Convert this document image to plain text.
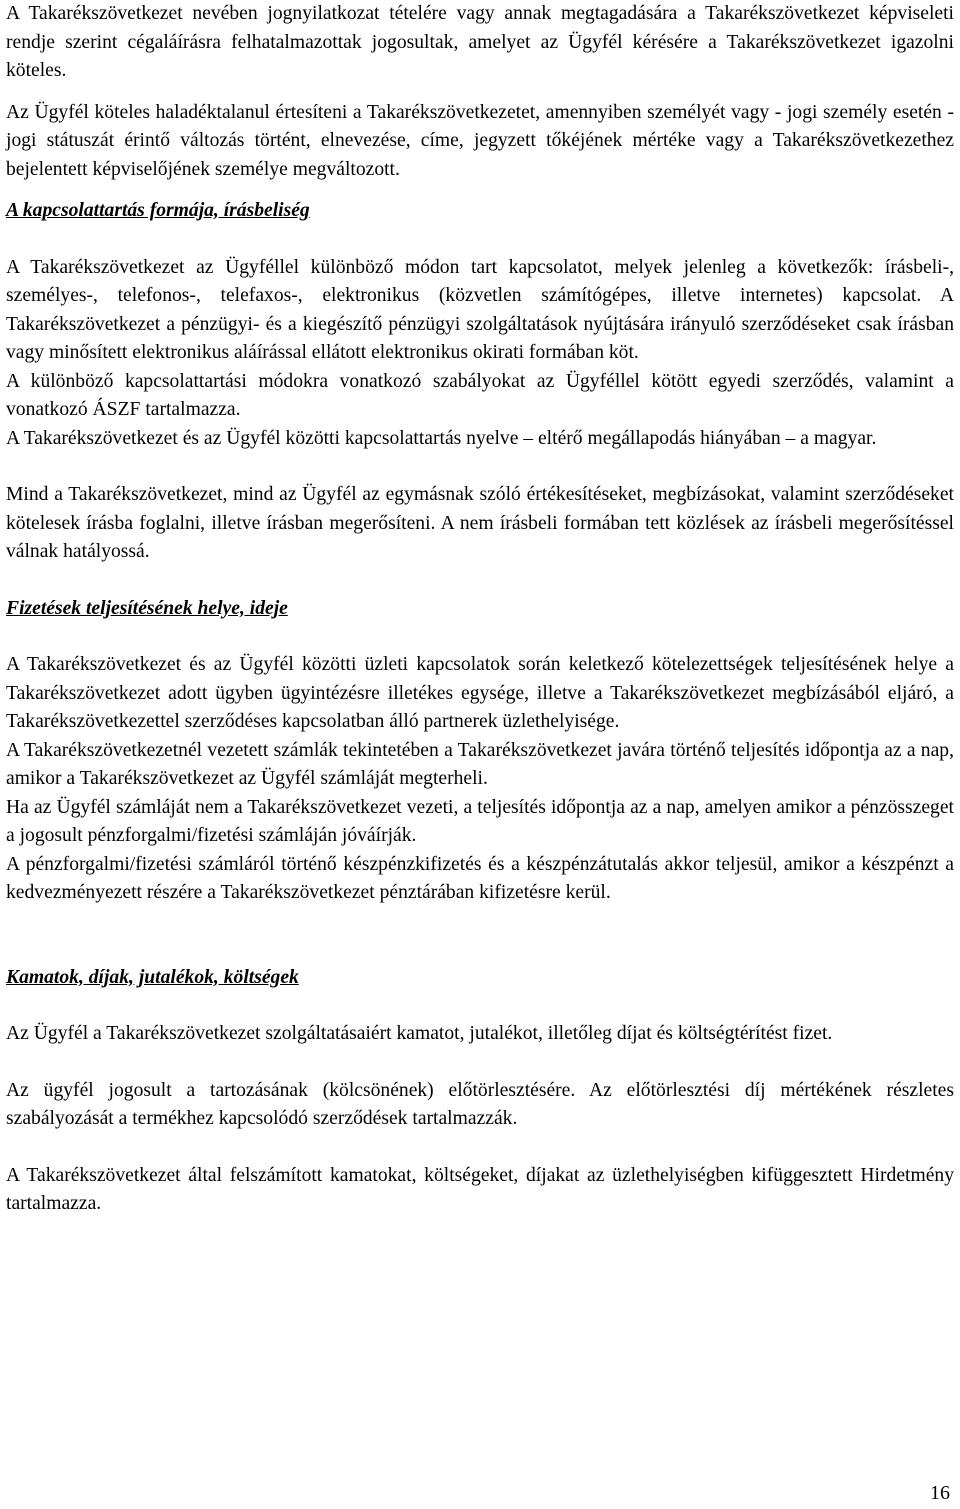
A Takarékszövetkezet nevében jognyilatkozat tételére vagy annak megtagadására a Takarékszövetkezet képviseleti rendje szerint cégaláírásra felhatalmazottak jogosultak, amelyet az Ügyfél kérésére a Takarékszövetkezet igazolni köteles.

Az Ügyfél köteles haladéktalanul értesíteni a Takarékszövetkezetet, amennyiben személyét vagy - jogi személy esetén - jogi státuszát érintő változás történt, elnevezése, címe, jegyzett tőkéjének mértéke vagy a Takarékszövetkezethez bejelentett képviselőjének személye megváltozott.

A kapcsolattartás formája, írásbeliség

A Takarékszövetkezet az Ügyféllel különböző módon tart kapcsolatot, melyek jelenleg a következők: írásbeli-, személyes-, telefonos-, telefaxos-, elektronikus (közvetlen számítógépes, illetve internetes) kapcsolat. A Takarékszövetkezet a pénzügyi- és a kiegészítő pénzügyi szolgáltatások nyújtására irányuló szerződéseket csak írásban vagy minősített elektronikus aláírással ellátott elektronikus okirati formában köt.

A különböző kapcsolattartási módokra vonatkozó szabályokat az Ügyféllel kötött egyedi szerződés, valamint a vonatkozó ÁSZF tartalmazza.

A Takarékszövetkezet és az Ügyfél közötti kapcsolattartás nyelve – eltérő megállapodás hiányában – a magyar.

Mind a Takarékszövetkezet, mind az Ügyfél az egymásnak szóló értékesítéseket, megbízásokat, valamint szerződéseket kötelesek írásba foglalni, illetve írásban megerősíteni. A nem írásbeli formában tett közlések az írásbeli megerősítéssel válnak hatályossá.

Fizetések teljesítésének helye, ideje

A Takarékszövetkezet és az Ügyfél közötti üzleti kapcsolatok során keletkező kötelezettségek teljesítésének helye a Takarékszövetkezet adott ügyben ügyintézésre illetékes egysége, illetve a Takarékszövetkezet megbízásából eljáró, a Takarékszövetkezettel szerződéses kapcsolatban álló partnerek üzlethelyisége.

A Takarékszövetkezetnél vezetett számlák tekintetében a Takarékszövetkezet javára történő teljesítés időpontja az a nap, amikor a Takarékszövetkezet az Ügyfél számláját megterheli.

Ha az Ügyfél számláját nem a Takarékszövetkezet vezeti, a teljesítés időpontja az a nap, amelyen amikor a pénzösszeget a jogosult pénzforgalmi/fizetési számláján jóváírják.

A pénzforgalmi/fizetési számláról történő készpénzkifizetés és a készpénzátutalás akkor teljesül, amikor a készpénzt a kedvezményezett részére a Takarékszövetkezet pénztárában kifizetésre kerül.

Kamatok, díjak, jutalékok, költségek

Az Ügyfél a Takarékszövetkezet szolgáltatásaiért kamatot, jutalékot, illetőleg díjat és költségtérítést fizet.

Az ügyfél jogosult a tartozásának (kölcsönének) előtörlesztésére. Az előtörlesztési díj mértékének részletes szabályozását a termékhez kapcsolódó szerződések tartalmazzák.

A Takarékszövetkezet által felszámított kamatokat, költségeket, díjakat az üzlethelyiségben kifüggesztett Hirdetmény tartalmazza.

16
